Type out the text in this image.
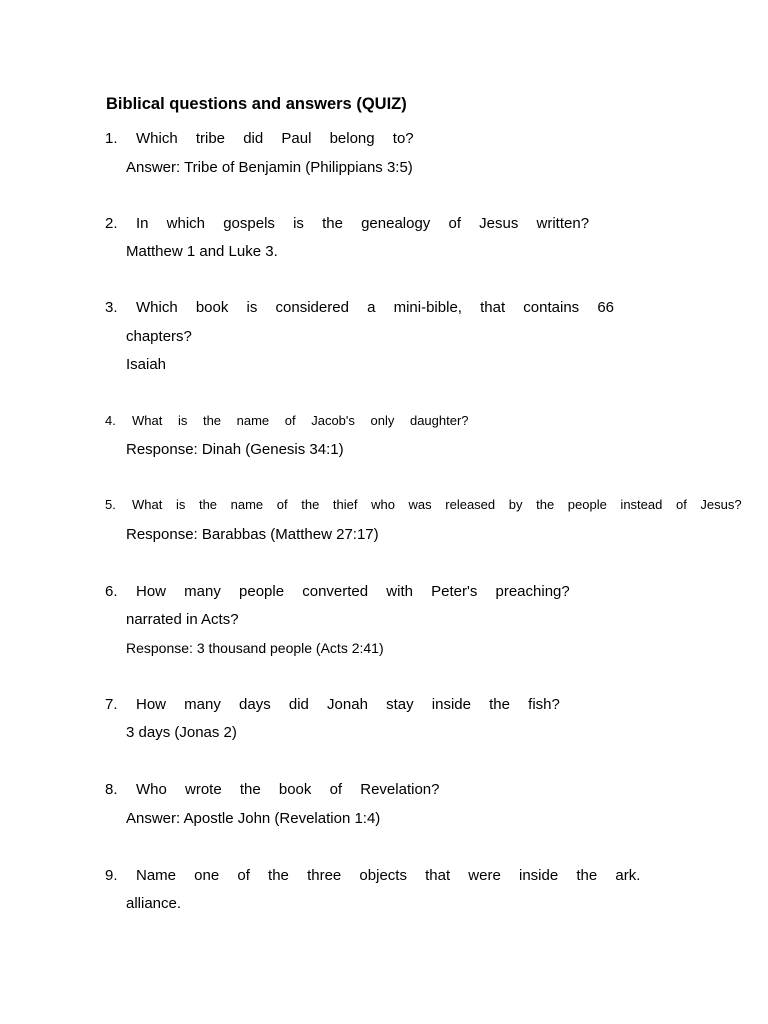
Biblical questions and answers (QUIZ)
1. Which tribe did Paul belong to?
Answer: Tribe of Benjamin (Philippians 3:5)
2. In which gospels is the genealogy of Jesus written?
Matthew 1 and Luke 3.
3. Which book is considered a mini-bible, that contains 66
chapters?
Isaiah
4. What is the name of Jacob's only daughter?
Response: Dinah (Genesis 34:1)
5. What is the name of the thief who was released by the people instead of Jesus?
Response: Barabbas (Matthew 27:17)
6. How many people converted with Peter's preaching?
narrated in Acts?
Response: 3 thousand people (Acts 2:41)
7. How many days did Jonah stay inside the fish?
3 days (Jonas 2)
8. Who wrote the book of Revelation?
Answer: Apostle John (Revelation 1:4)
9. Name one of the three objects that were inside the ark.
alliance.
